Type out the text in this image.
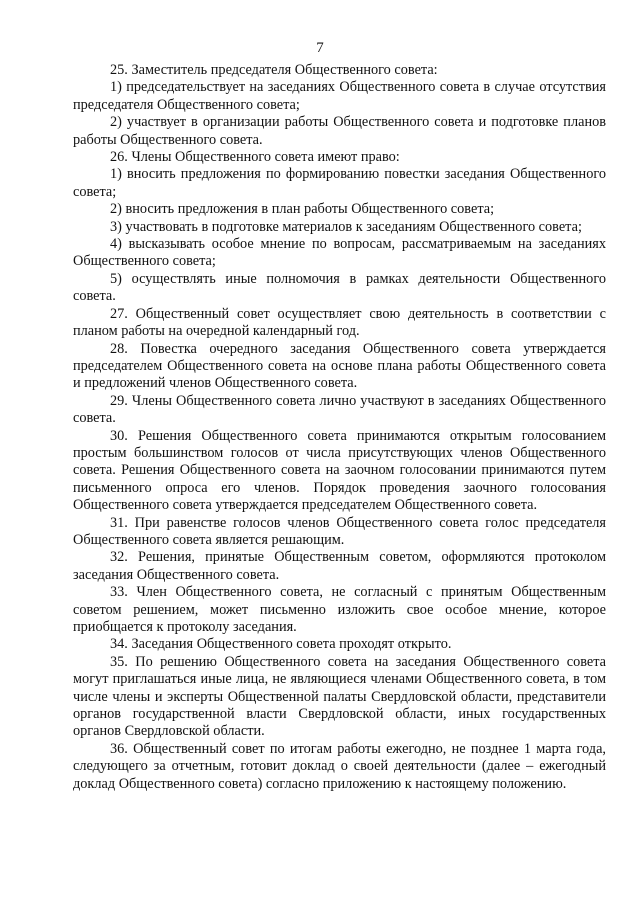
7

25. Заместитель председателя Общественного совета:

1) председательствует на заседаниях Общественного совета в случае отсутствия председателя Общественного совета;

2) участвует в организации работы Общественного совета и подготовке планов работы Общественного совета.

26. Члены Общественного совета имеют право:

1) вносить предложения по формированию повестки заседания Общественного совета;

2) вносить предложения в план работы Общественного совета;

3) участвовать в подготовке материалов к заседаниям Общественного совета;

4) высказывать особое мнение по вопросам, рассматриваемым на заседаниях Общественного совета;

5) осуществлять иные полномочия в рамках деятельности Общественного совета.

27. Общественный совет осуществляет свою деятельность в соответствии с планом работы на очередной календарный год.

28. Повестка очередного заседания Общественного совета утверждается председателем Общественного совета на основе плана работы Общественного совета и предложений членов Общественного совета.

29. Члены Общественного совета лично участвуют в заседаниях Общественного совета.

30. Решения Общественного совета принимаются открытым голосованием простым большинством голосов от числа присутствующих членов Общественного совета. Решения Общественного совета на заочном голосовании принимаются путем письменного опроса его членов. Порядок проведения заочного голосования Общественного совета утверждается председателем Общественного совета.

31. При равенстве голосов членов Общественного совета голос председателя Общественного совета является решающим.

32. Решения, принятые Общественным советом, оформляются протоколом заседания Общественного совета.

33. Член Общественного совета, не согласный с принятым Общественным советом решением, может письменно изложить свое особое мнение, которое приобщается к протоколу заседания.

34. Заседания Общественного совета проходят открыто.

35. По решению Общественного совета на заседания Общественного совета могут приглашаться иные лица, не являющиеся членами Общественного совета, в том числе члены и эксперты Общественной палаты Свердловской области, представители органов государственной власти Свердловской области, иных государственных органов Свердловской области.

36. Общественный совет по итогам работы ежегодно, не позднее 1 марта года, следующего за отчетным, готовит доклад о своей деятельности (далее – ежегодный доклад Общественного совета) согласно приложению к настоящему положению.
